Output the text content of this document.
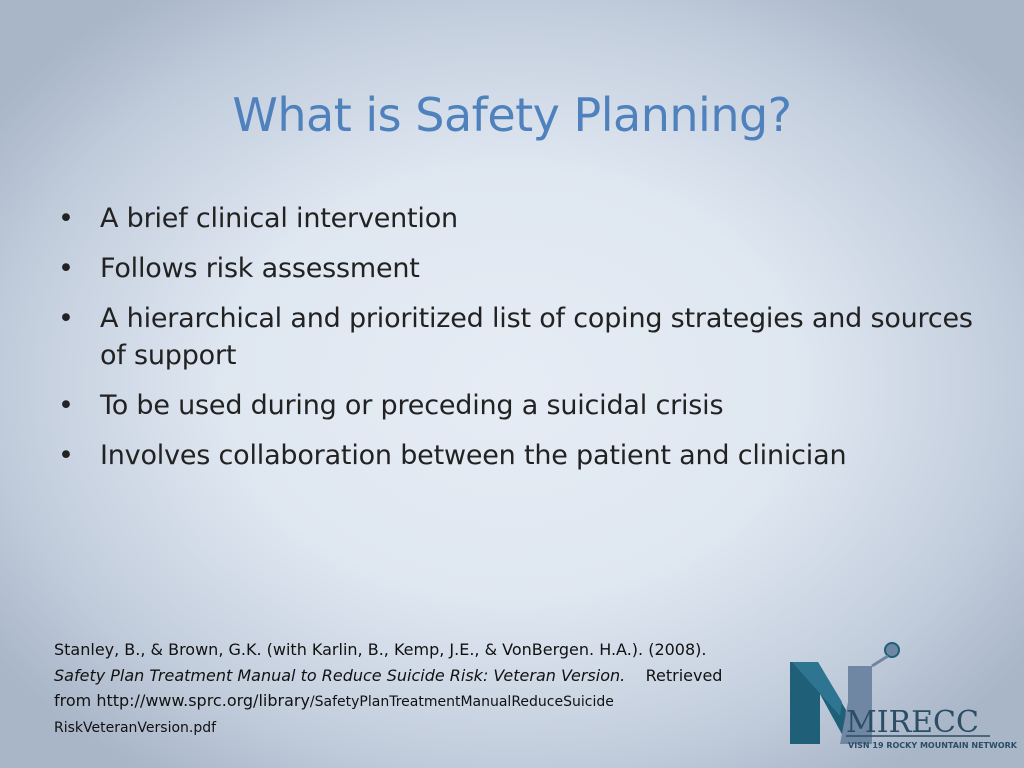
What is Safety Planning?
• A brief clinical intervention
• Follows risk assessment
• A hierarchical and prioritized list of coping strategies and sources of support
• To be used during or preceding a suicidal crisis
• Involves collaboration between the patient and clinician
Stanley, B., & Brown, G.K. (with Karlin, B., Kemp, J.E., & VonBergen. H.A.). (2008).
Safety Plan Treatment Manual to Reduce Suicide Risk: Veteran Version. Retrieved
from http://www.sprc.org/library/SafetyPlanTreatmentManualReduceSuicide
RiskVeteranVersion.pdf	MIRECC
VISN 19 ROCKY MOUNTAIN NETWORK
